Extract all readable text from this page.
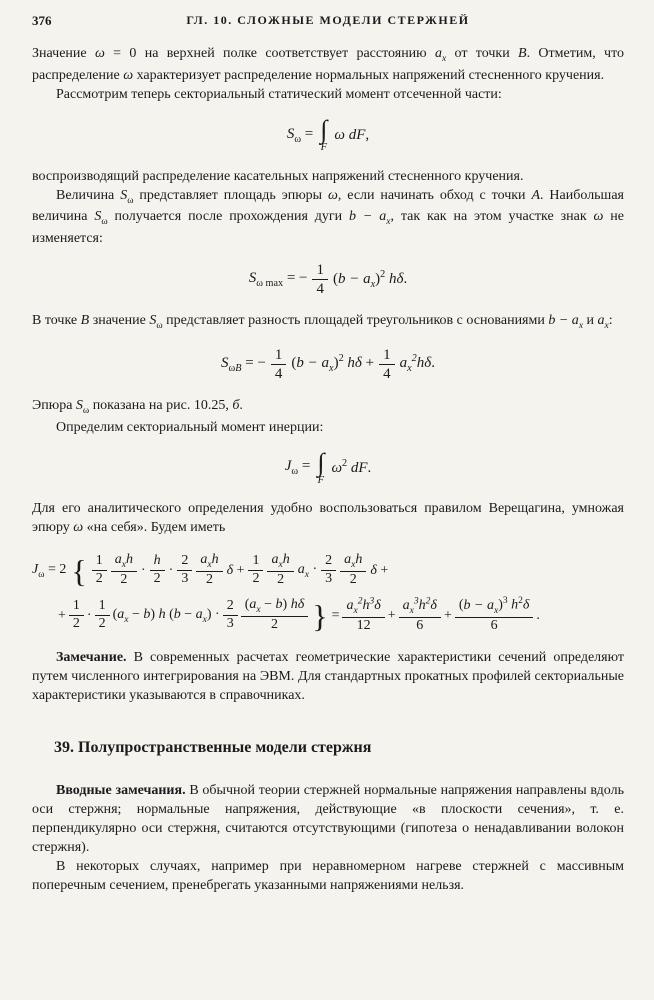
376	ГЛ. 10. СЛОЖНЫЕ МОДЕЛИ СТЕРЖНЕЙ

Значение ω = 0 на верхней полке соответствует расстоянию $a_x$ от точки B. Отметим, что распределение ω характеризует распределение нормальных напряжений стесненного кручения.

Рассмотрим теперь секториальный статический момент отсеченной части:

$S_\omega$ = ∫
F
ω dF,

воспроизводящий распределение касательных напряжений стесненного кручения.

Величина $S_\omega$ представляет площадь эпюры ω, если начинать обход с точки A. Наибольшая величина $S_\omega$ получается после прохождения дуги $b - a_x$, так как на этом участке знак ω не изменяется:

$S_{\omega max}$ = − $\frac{1}{4} (b - a_x)^2$ hδ.

В точке B значение $S_\omega$ представляет разность площадей треугольников с основаниями $b - a_x$ и $a_x$:

$S_{\omega B}$ = − $\frac{1}{4} (b - a_x)^2$ $h\delta + \frac{1}{4} a_x^2h\delta$.

Эпюра $S_\omega$ показана на рис. 10.25, б.

Определим секториальный момент инерции:

$J_\omega$ = ∫
F
$\omega^2$ dF.

Для его аналитического определения удобно воспользоваться правилом Верещагина, умножая эпюру ω «на себя». Будем иметь

$J_\omega = 2$ { $\frac{1}{2} \frac{a_xh}{2} \cdot \frac{h}{2} \cdot \frac{2}{3} \frac{a_xh}{2}$ $\delta + \frac{1}{2} \frac{a_xh}{2} a_x \cdot \frac{2}{3} \frac{a_xh}{2}$ δ +
+ $\frac{1}{2} \cdot \frac{1}{2} (a_x - b)$ h $(b - a_x) \cdot \frac{2}{3} \frac{(a_x - b) h\delta}{2}$ } = $\frac{a_x^2h^3\delta}{12} + \frac{a_x^3h^2\delta}{6} + \frac{(b - a_x)^3 h^2\delta}{6}$ .

Замечание. В современных расчетах геометрические характеристики сечений определяют путем численного интегрирования на ЭВМ. Для стандартных прокатных профилей секториальные характеристики указываются в справочниках.

39. Полупространственные модели стержня

Вводные замечания. В обычной теории стержней нормальные напряжения направлены вдоль оси стержня; нормальные напряжения, действующие «в плоскости сечения», т. е. перпендикулярно оси стержня, считаются отсутствующими (гипотеза о ненадавливании волокон стержня).

В некоторых случаях, например при неравномерном нагреве стержней с массивным поперечным сечением, пренебрегать указанными напряжениями нельзя.
